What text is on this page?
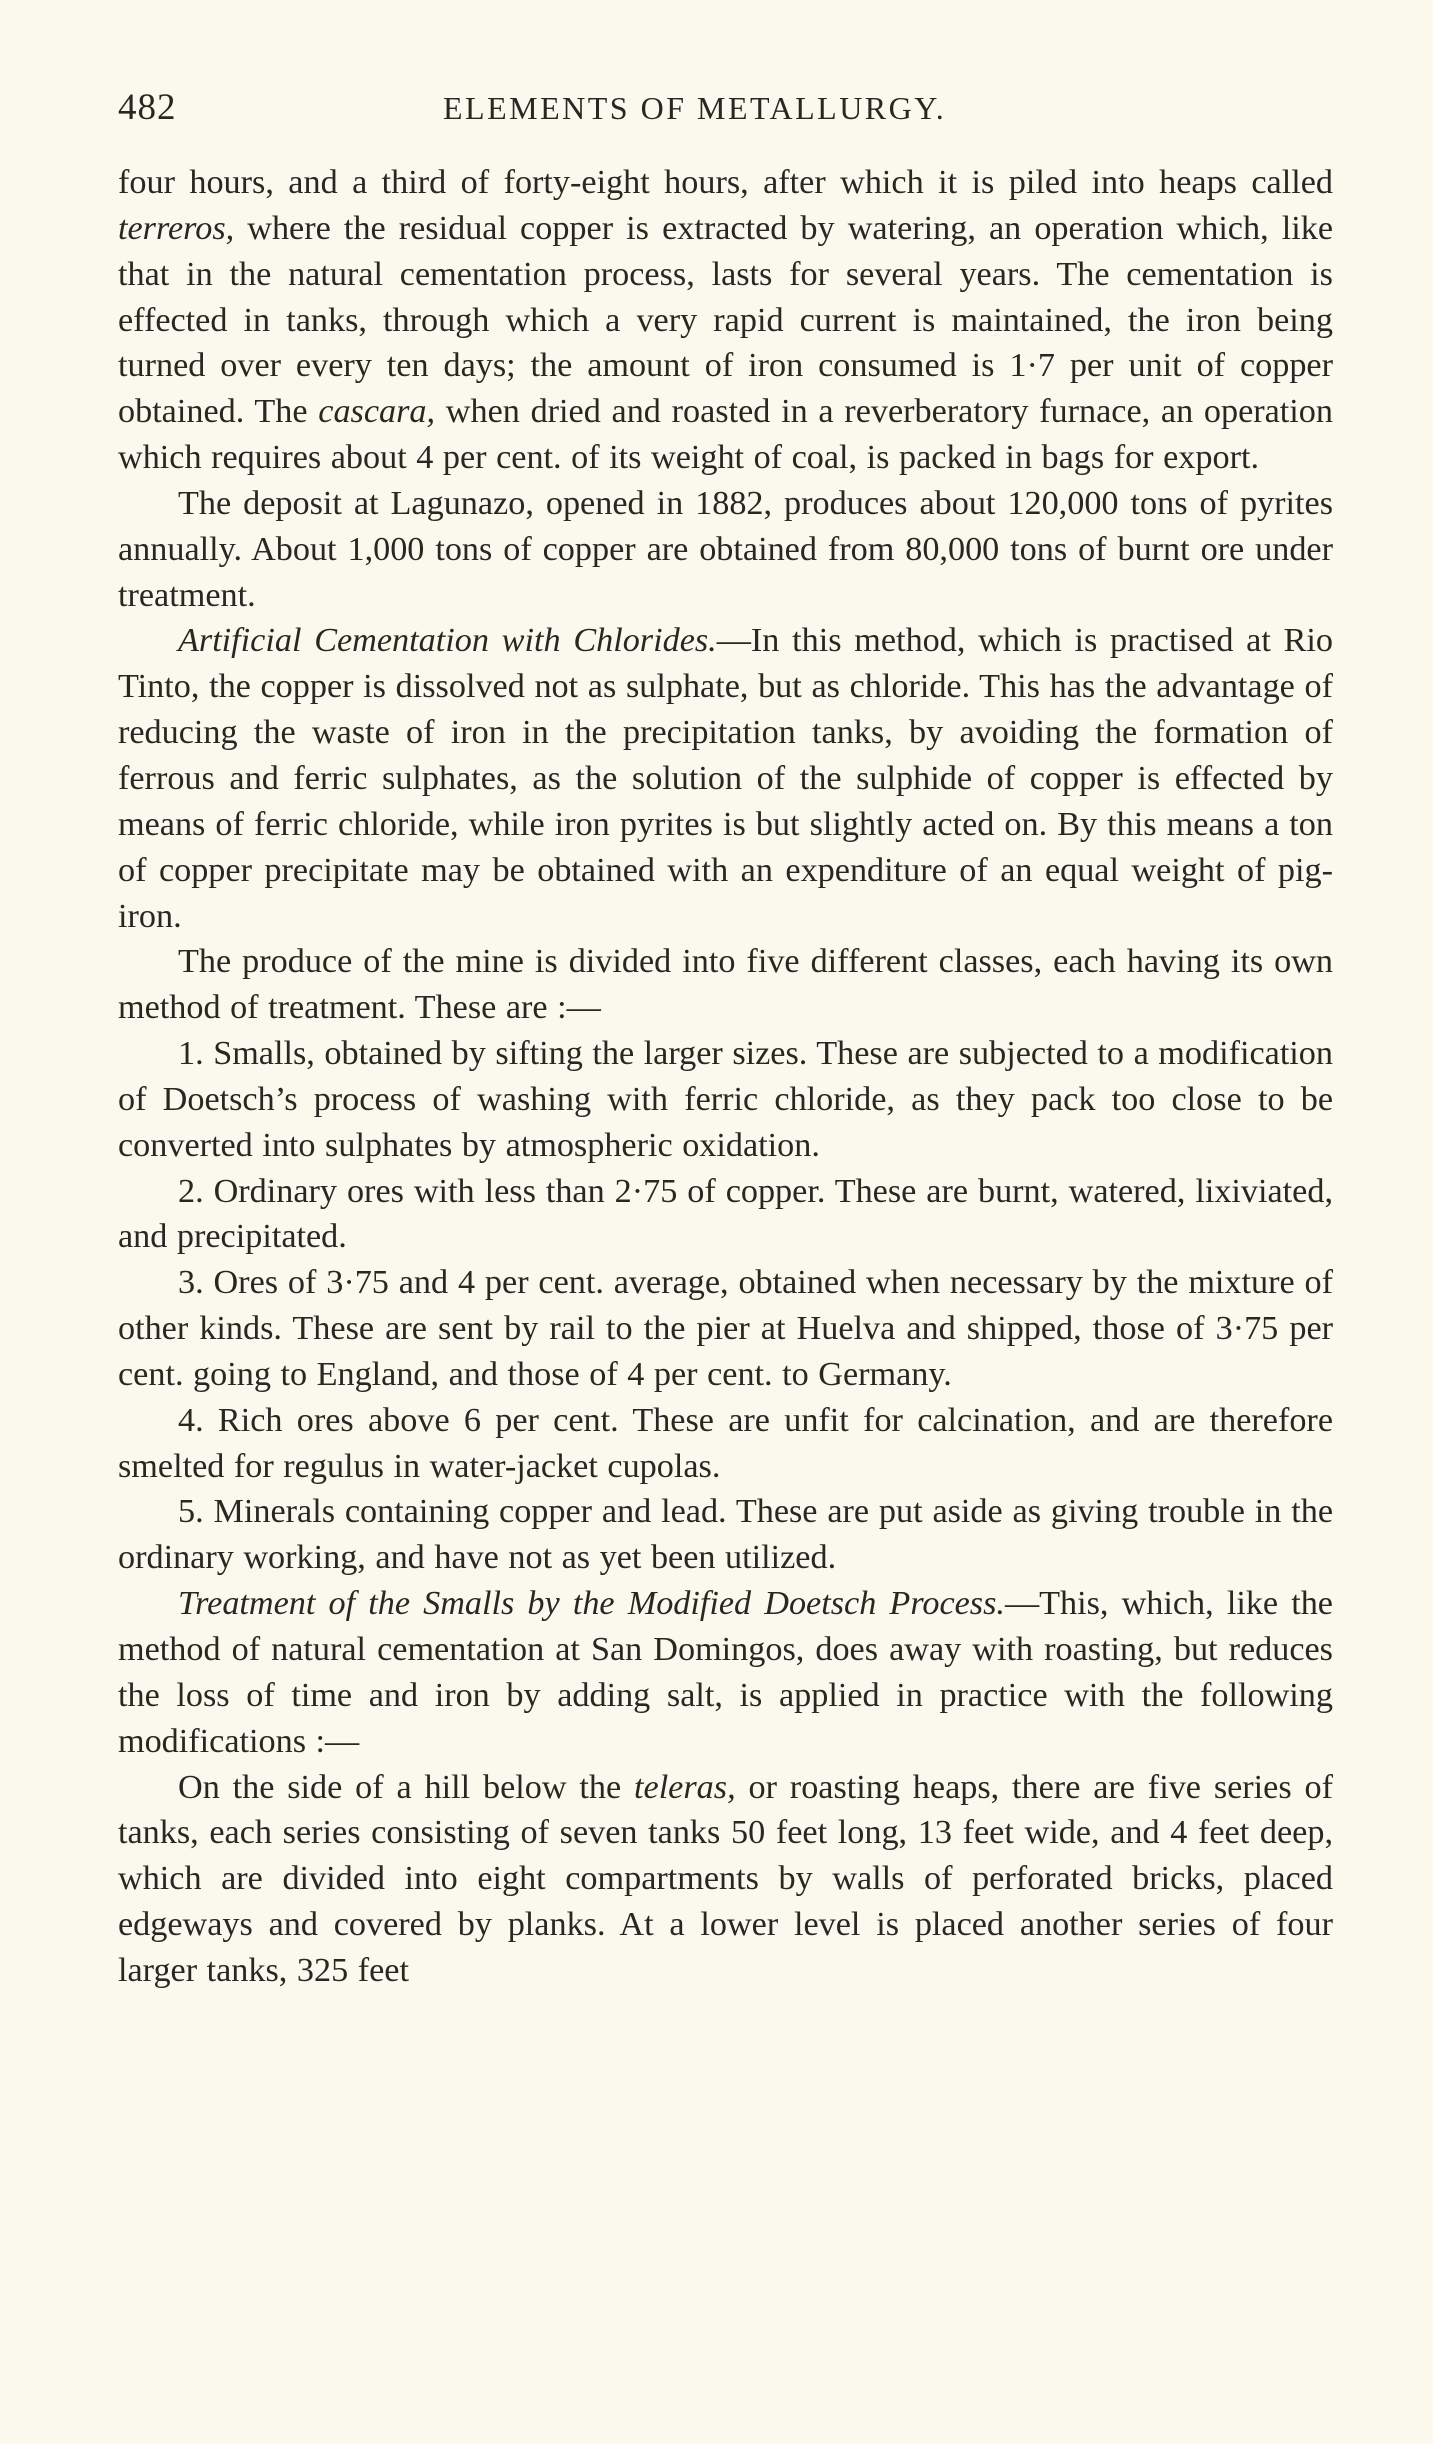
482	ELEMENTS OF METALLURGY.

four hours, and a third of forty-eight hours, after which it is piled into heaps called terreros, where the residual copper is extracted by watering, an operation which, like that in the natural cementation process, lasts for several years. The cementation is effected in tanks, through which a very rapid current is maintained, the iron being turned over every ten days; the amount of iron consumed is 1·7 per unit of copper obtained. The cascara, when dried and roasted in a reverberatory furnace, an operation which requires about 4 per cent. of its weight of coal, is packed in bags for export.

The deposit at Lagunazo, opened in 1882, produces about 120,000 tons of pyrites annually. About 1,000 tons of copper are obtained from 80,000 tons of burnt ore under treatment.

Artificial Cementation with Chlorides.—In this method, which is practised at Rio Tinto, the copper is dissolved not as sulphate, but as chloride. This has the advantage of reducing the waste of iron in the precipitation tanks, by avoiding the formation of ferrous and ferric sulphates, as the solution of the sulphide of copper is effected by means of ferric chloride, while iron pyrites is but slightly acted on. By this means a ton of copper precipitate may be obtained with an expenditure of an equal weight of pig-iron.

The produce of the mine is divided into five different classes, each having its own method of treatment. These are :—

1. Smalls, obtained by sifting the larger sizes. These are subjected to a modification of Doetsch’s process of washing with ferric chloride, as they pack too close to be converted into sulphates by atmospheric oxidation.

2. Ordinary ores with less than 2·75 of copper. These are burnt, watered, lixiviated, and precipitated.

3. Ores of 3·75 and 4 per cent. average, obtained when necessary by the mixture of other kinds. These are sent by rail to the pier at Huelva and shipped, those of 3·75 per cent. going to England, and those of 4 per cent. to Germany.

4. Rich ores above 6 per cent. These are unfit for calcination, and are therefore smelted for regulus in water-jacket cupolas.

5. Minerals containing copper and lead. These are put aside as giving trouble in the ordinary working, and have not as yet been utilized.

Treatment of the Smalls by the Modified Doetsch Process.—This, which, like the method of natural cementation at San Domingos, does away with roasting, but reduces the loss of time and iron by adding salt, is applied in practice with the following modifications :—

On the side of a hill below the teleras, or roasting heaps, there are five series of tanks, each series consisting of seven tanks 50 feet long, 13 feet wide, and 4 feet deep, which are divided into eight compartments by walls of perforated bricks, placed edgeways and covered by planks. At a lower level is placed another series of four larger tanks, 325 feet
